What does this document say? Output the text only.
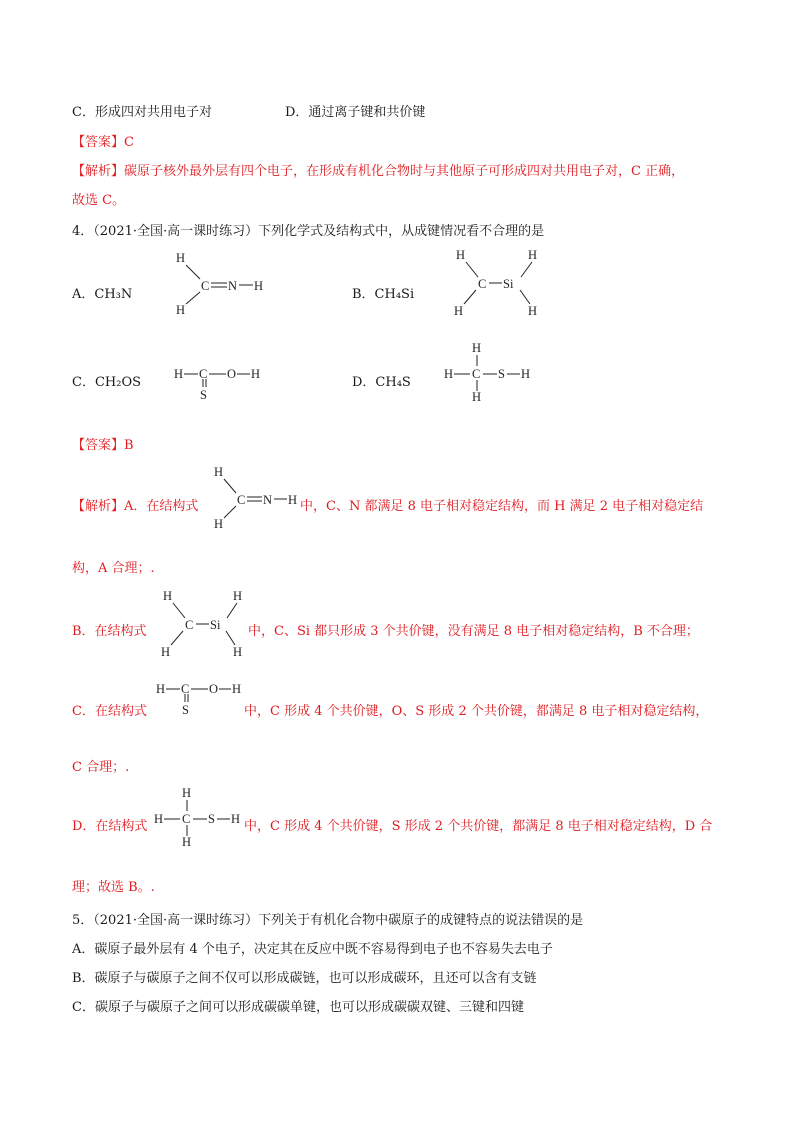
C．形成四对共用电子对	D．通过离子键和共价键
【答案】C
【解析】碳原子核外最外层有四个电子，在形成有机化合物时与其他原子可形成四对共用电子对，C 正确，
故选 C。
4．（2021·全国·高一课时练习）下列化学式及结构式中，从成键情况看不合理的是
A．CH₃N
H
C N H
H
B．CH₄Si
H
C Si
H
H	H
C．CH₂OS
H C O H
S
D．CH₄S
H
H C S H
H
【答案】B
【解析】A．在结构式
H
C N H
H
中，C、N 都满足 8 电子相对稳定结构，而 H 满足 2 电子相对稳定结
构，A 合理；.
B．在结构式
H
C Si
H
H	H
中，C、Si 都只形成 3 个共价键，没有满足 8 电子相对稳定结构，B 不合理；
C．在结构式
H C O H
S	中，C 形成 4 个共价键，O、S 形成 2 个共价键，都满足 8 电子相对稳定结构，
C 合理；.
D．在结构式
H
H C S H
H
中，C 形成 4 个共价键，S 形成 2 个共价键，都满足 8 电子相对稳定结构，D 合
理；故选 B。.
5．（2021·全国·高一课时练习）下列关于有机化合物中碳原子的成键特点的说法错误的是
A．碳原子最外层有 4 个电子，决定其在反应中既不容易得到电子也不容易失去电子
B．碳原子与碳原子之间不仅可以形成碳链，也可以形成碳环，且还可以含有支链
C．碳原子与碳原子之间可以形成碳碳单键，也可以形成碳碳双键、三键和四键
